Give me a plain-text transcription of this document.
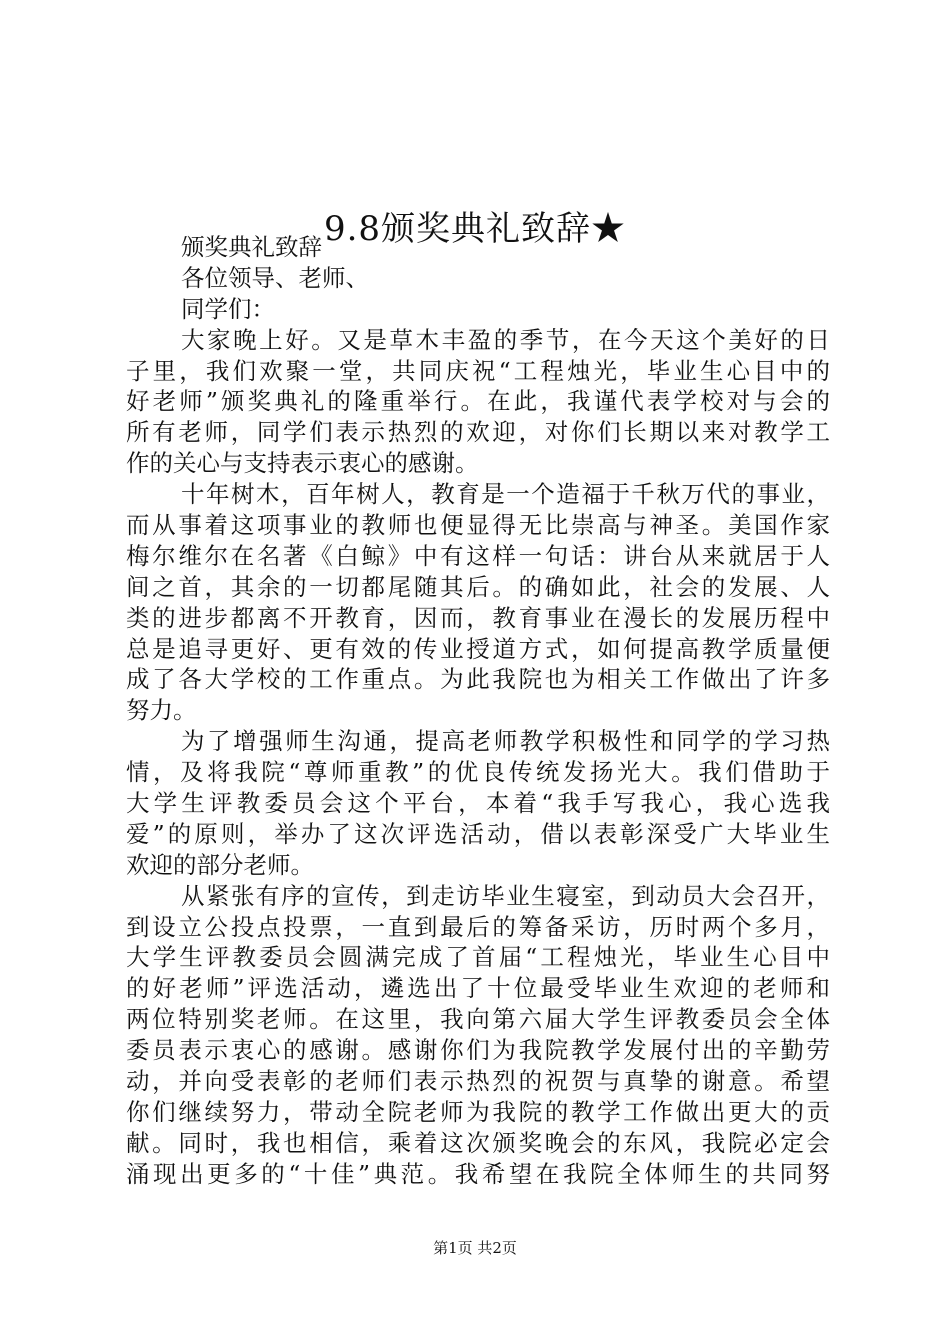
9.8颁奖典礼致辞★
颁奖典礼致辞
各位领导、老师、
同学们：
大家晚上好。又是草木丰盈的季节，在今天这个美好的日
子里，我们欢聚一堂，共同庆祝“工程烛光，毕业生心目中的
好老师”颁奖典礼的隆重举行。在此，我谨代表学校对与会的
所有老师，同学们表示热烈的欢迎，对你们长期以来对教学工
作的关心与支持表示衷心的感谢。
十年树木，百年树人，教育是一个造福于千秋万代的事业，
而从事着这项事业的教师也便显得无比崇高与神圣。美国作家
梅尔维尔在名著《白鲸》中有这样一句话：讲台从来就居于人
间之首，其余的一切都尾随其后。的确如此，社会的发展、人
类的进步都离不开教育，因而，教育事业在漫长的发展历程中
总是追寻更好、更有效的传业授道方式，如何提高教学质量便
成了各大学校的工作重点。为此我院也为相关工作做出了许多
努力。
为了增强师生沟通，提高老师教学积极性和同学的学习热
情，及将我院“尊师重教”的优良传统发扬光大。我们借助于
大学生评教委员会这个平台，本着“我手写我心，我心选我
爱”的原则，举办了这次评选活动，借以表彰深受广大毕业生
欢迎的部分老师。
从紧张有序的宣传，到走访毕业生寝室，到动员大会召开，
到设立公投点投票，一直到最后的筹备采访，历时两个多月，
大学生评教委员会圆满完成了首届“工程烛光，毕业生心目中
的好老师”评选活动，遴选出了十位最受毕业生欢迎的老师和
两位特别奖老师。在这里，我向第六届大学生评教委员会全体
委员表示衷心的感谢。感谢你们为我院教学发展付出的辛勤劳
动，并向受表彰的老师们表示热烈的祝贺与真挚的谢意。希望
你们继续努力，带动全院老师为我院的教学工作做出更大的贡
献。同时，我也相信，乘着这次颁奖晚会的东风，我院必定会
涌现出更多的“十佳”典范。我希望在我院全体师生的共同努
第1页 共2页
